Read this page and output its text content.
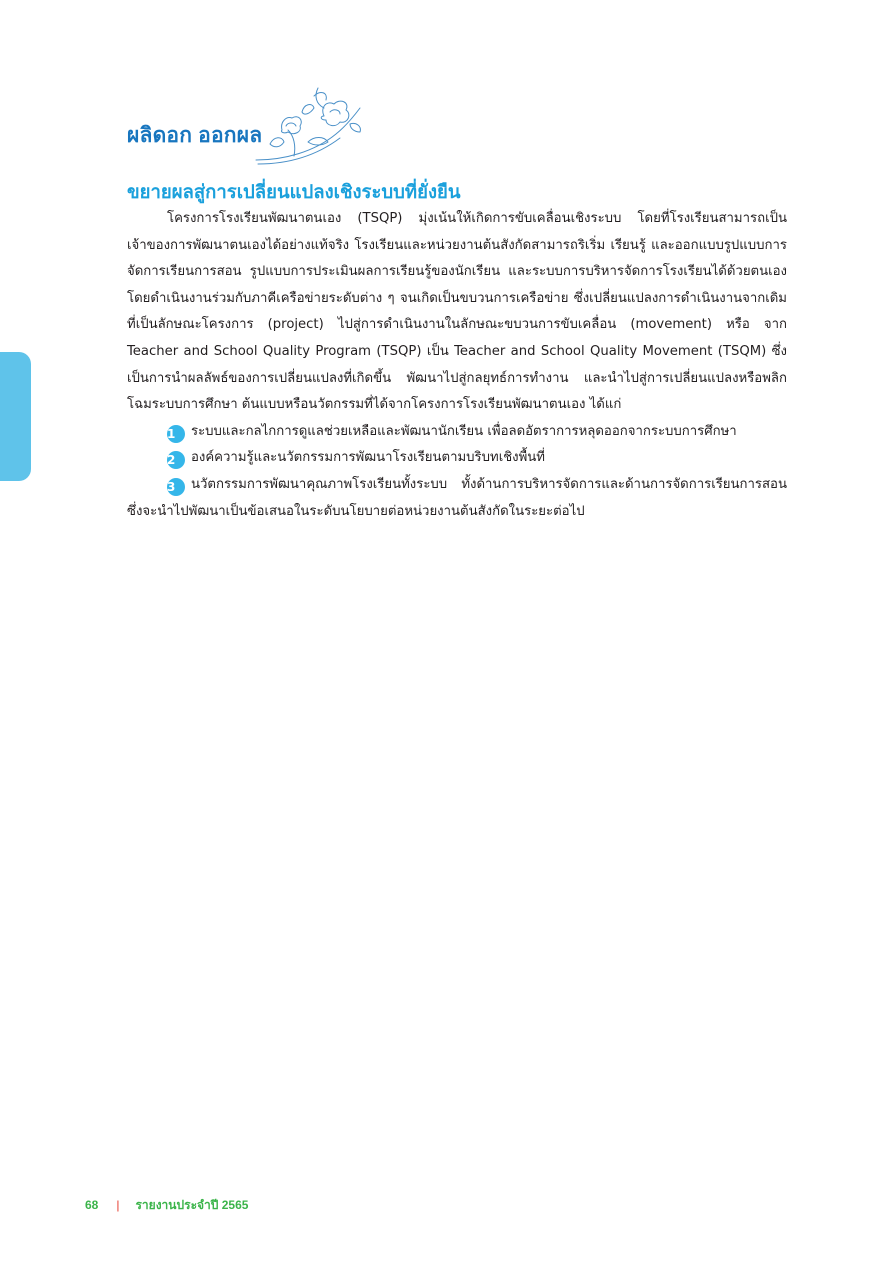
ผลิดอก ออกผล
ขยายผลสู่การเปลี่ยนแปลงเชิงระบบที่ยั่งยืน

โครงการโรงเรียนพัฒนาตนเอง (TSQP) มุ่งเน้นให้เกิดการขับเคลื่อนเชิงระบบ โดยที่โรงเรียนสามารถเป็นเจ้าของการพัฒนาตนเองได้อย่างแท้จริง โรงเรียนและหน่วยงานต้นสังกัดสามารถริเริ่ม เรียนรู้ และออกแบบรูปแบบการจัดการเรียนการสอน รูปแบบการประเมินผลการเรียนรู้ของนักเรียน และระบบการบริหารจัดการโรงเรียนได้ด้วยตนเอง โดยดำเนินงานร่วมกับภาคีเครือข่ายระดับต่าง ๆ จนเกิดเป็นขบวนการเครือข่าย ซึ่งเปลี่ยนแปลงการดำเนินงานจากเดิมที่เป็นลักษณะโครงการ (project) ไปสู่การดำเนินงานในลักษณะขบวนการขับเคลื่อน (movement) หรือ จาก Teacher and School Quality Program (TSQP) เป็น Teacher and School Quality Movement (TSQM) ซึ่งเป็นการนำผลลัพธ์ของการเปลี่ยนแปลงที่เกิดขึ้น พัฒนาไปสู่กลยุทธ์การทำงาน และนำไปสู่การเปลี่ยนแปลงหรือพลิกโฉมระบบการศึกษา ต้นแบบหรือนวัตกรรมที่ได้จากโครงการโรงเรียนพัฒนาตนเอง ได้แก่

1 ระบบและกลไกการดูแลช่วยเหลือและพัฒนานักเรียน เพื่อลดอัตราการหลุดออกจากระบบการศึกษา

2 องค์ความรู้และนวัตกรรมการพัฒนาโรงเรียนตามบริบทเชิงพื้นที่

3 นวัตกรรมการพัฒนาคุณภาพโรงเรียนทั้งระบบ ทั้งด้านการบริหารจัดการและด้านการจัดการเรียนการสอน ซึ่งจะนำไปพัฒนาเป็นข้อเสนอในระดับนโยบายต่อหน่วยงานต้นสังกัดในระยะต่อไป

68 | รายงานประจำปี 2565
